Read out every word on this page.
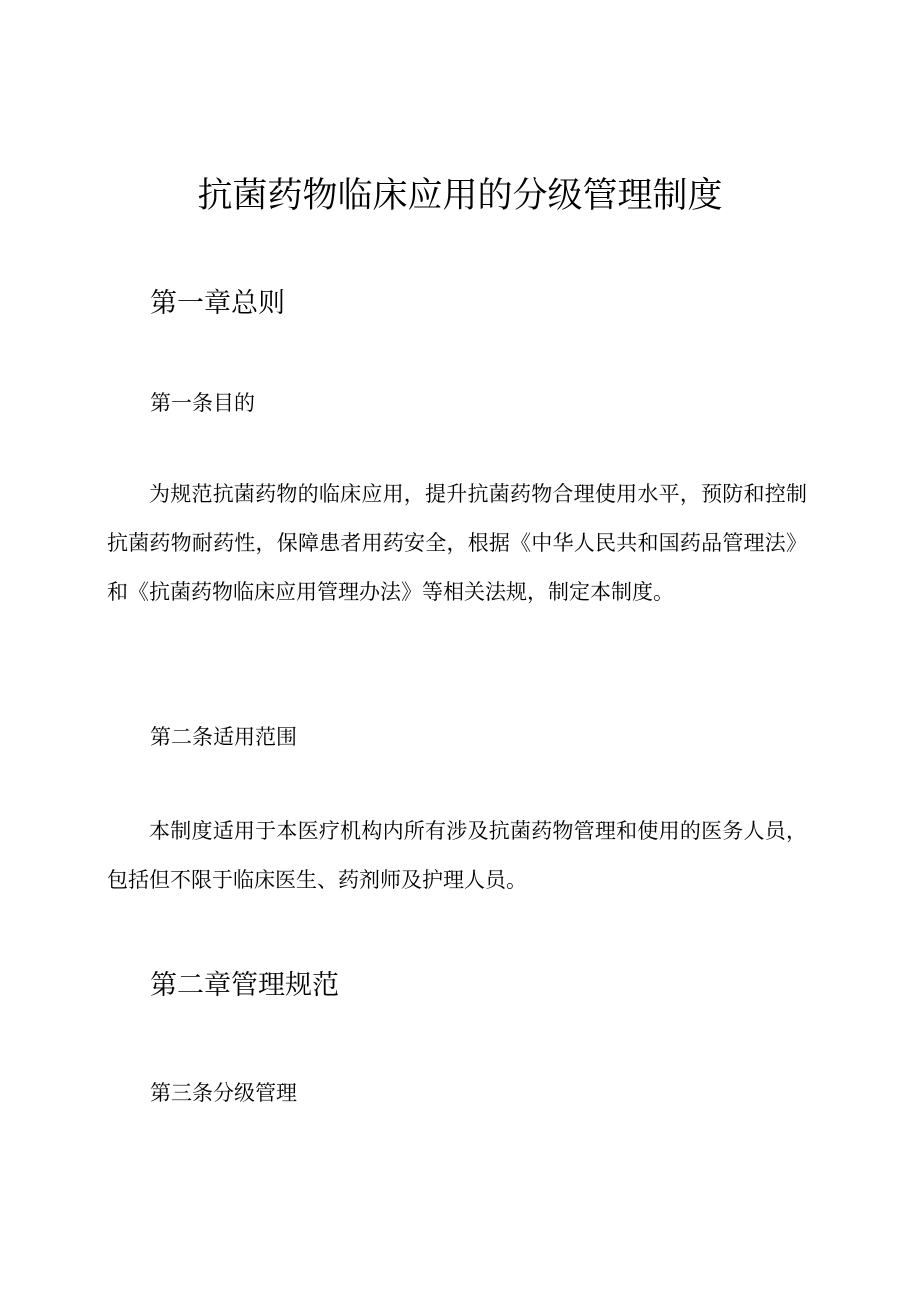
抗菌药物临床应用的分级管理制度
第一章总则
第一条目的

为规范抗菌药物的临床应用，提升抗菌药物合理使用水平，预防和控制抗菌药物耐药性，保障患者用药安全，根据《中华人民共和国药品管理法》和《抗菌药物临床应用管理办法》等相关法规，制定本制度。

第二条适用范围

本制度适用于本医疗机构内所有涉及抗菌药物管理和使用的医务人员，包括但不限于临床医生、药剂师及护理人员。

第二章管理规范
第三条分级管理
